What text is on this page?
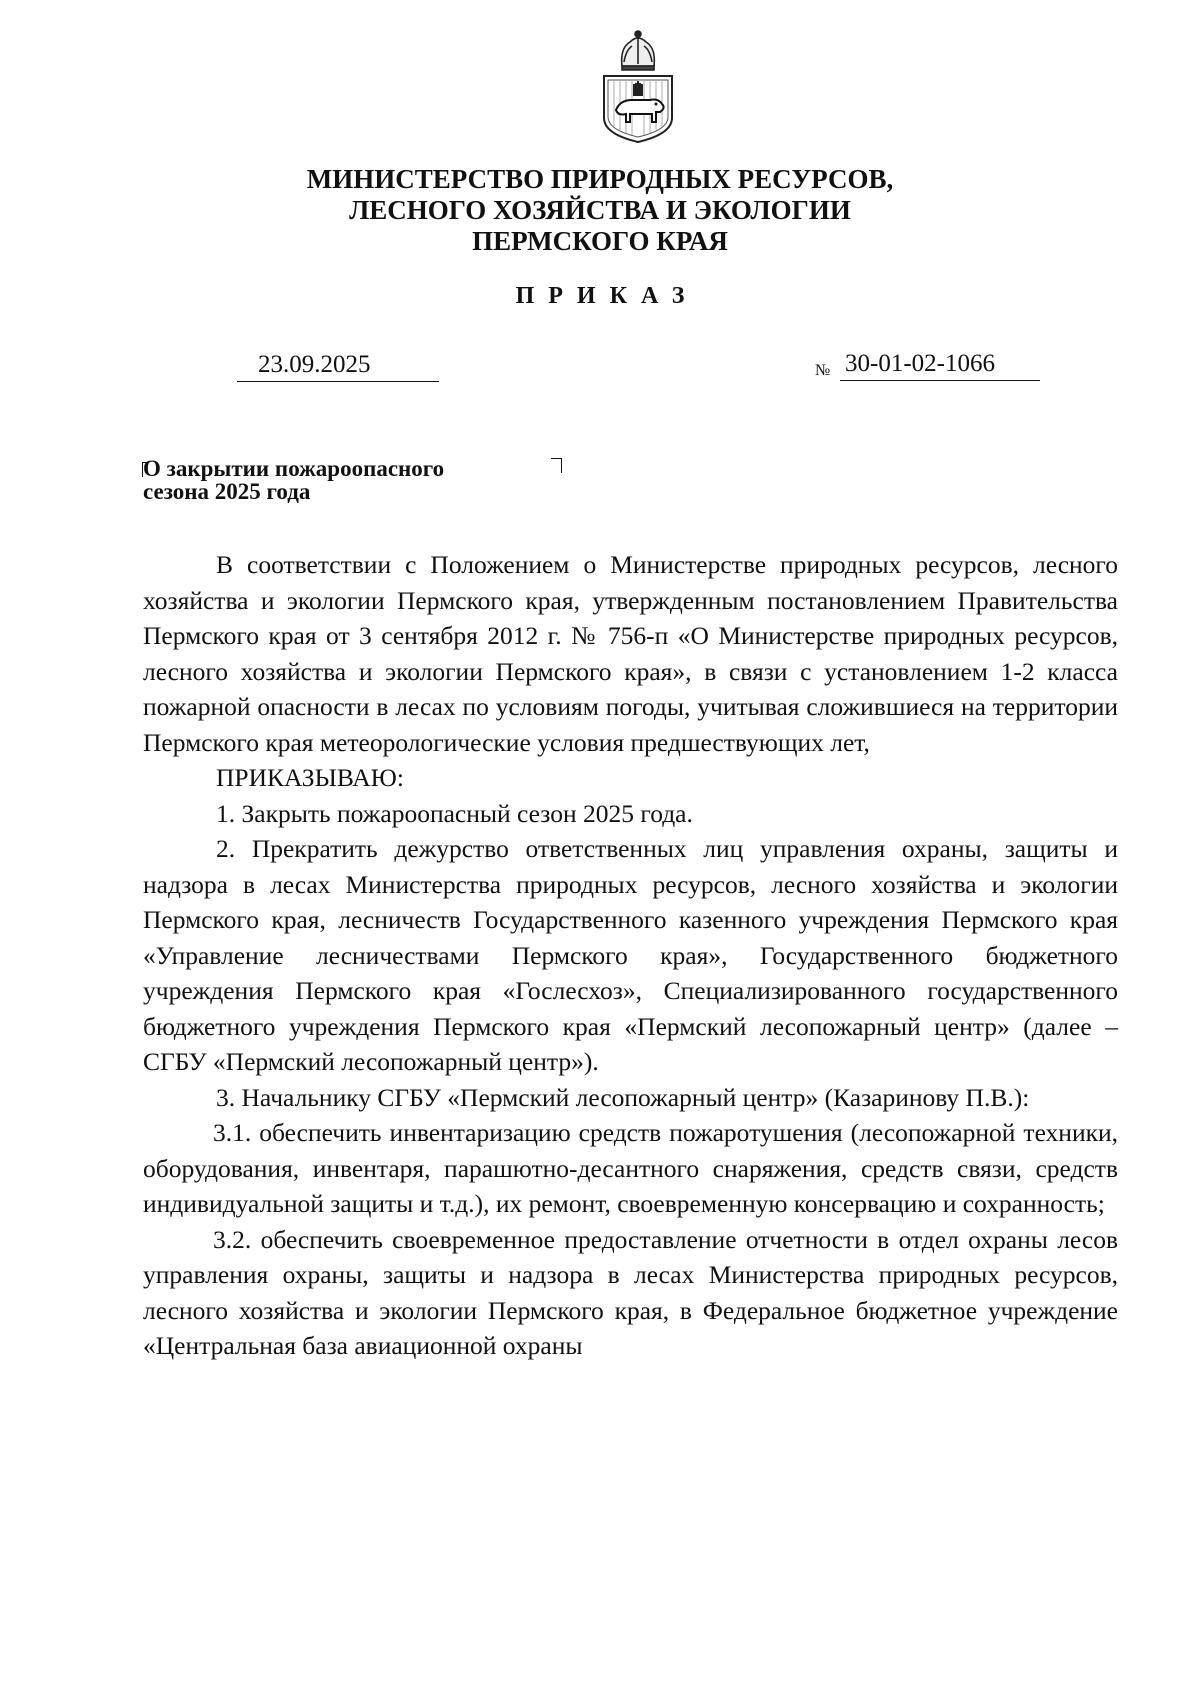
МИНИСТЕРСТВО ПРИРОДНЫХ РЕСУРСОВ,
ЛЕСНОГО ХОЗЯЙСТВА И ЭКОЛОГИИ
ПЕРМСКОГО КРАЯ
ПРИКАЗ
23.09.2025	№ 30-01-02-1066
О закрытии пожароопасного
сезона 2025 года

В соответствии с Положением о Министерстве природных ресурсов, лесного хозяйства и экологии Пермского края, утвержденным постановлением Правительства Пермского края от 3 сентября 2012 г. № 756-п «О Министерстве природных ресурсов, лесного хозяйства и экологии Пермского края», в связи с установлением 1-2 класса пожарной опасности в лесах по условиям погоды, учитывая сложившиеся на территории Пермского края метеорологические условия предшествующих лет,

ПРИКАЗЫВАЮ:

1. Закрыть пожароопасный сезон 2025 года.

2. Прекратить дежурство ответственных лиц управления охраны, защиты и надзора в лесах Министерства природных ресурсов, лесного хозяйства и экологии Пермского края, лесничеств Государственного казенного учреждения Пермского края «Управление лесничествами Пермского края», Государственного бюджетного учреждения Пермского края «Гослесхоз», Специализированного государственного бюджетного учреждения Пермского края «Пермский лесопожарный центр» (далее – СГБУ «Пермский лесопожарный центр»).

3. Начальнику СГБУ «Пермский лесопожарный центр» (Казаринову П.В.):

3.1. обеспечить инвентаризацию средств пожаротушения (лесопожарной техники, оборудования, инвентаря, парашютно-десантного снаряжения, средств связи, средств индивидуальной защиты и т.д.), их ремонт, своевременную консервацию и сохранность;

3.2. обеспечить своевременное предоставление отчетности в отдел охраны лесов управления охраны, защиты и надзора в лесах Министерства природных ресурсов, лесного хозяйства и экологии Пермского края, в Федеральное бюджетное учреждение «Центральная база авиационной охраны
